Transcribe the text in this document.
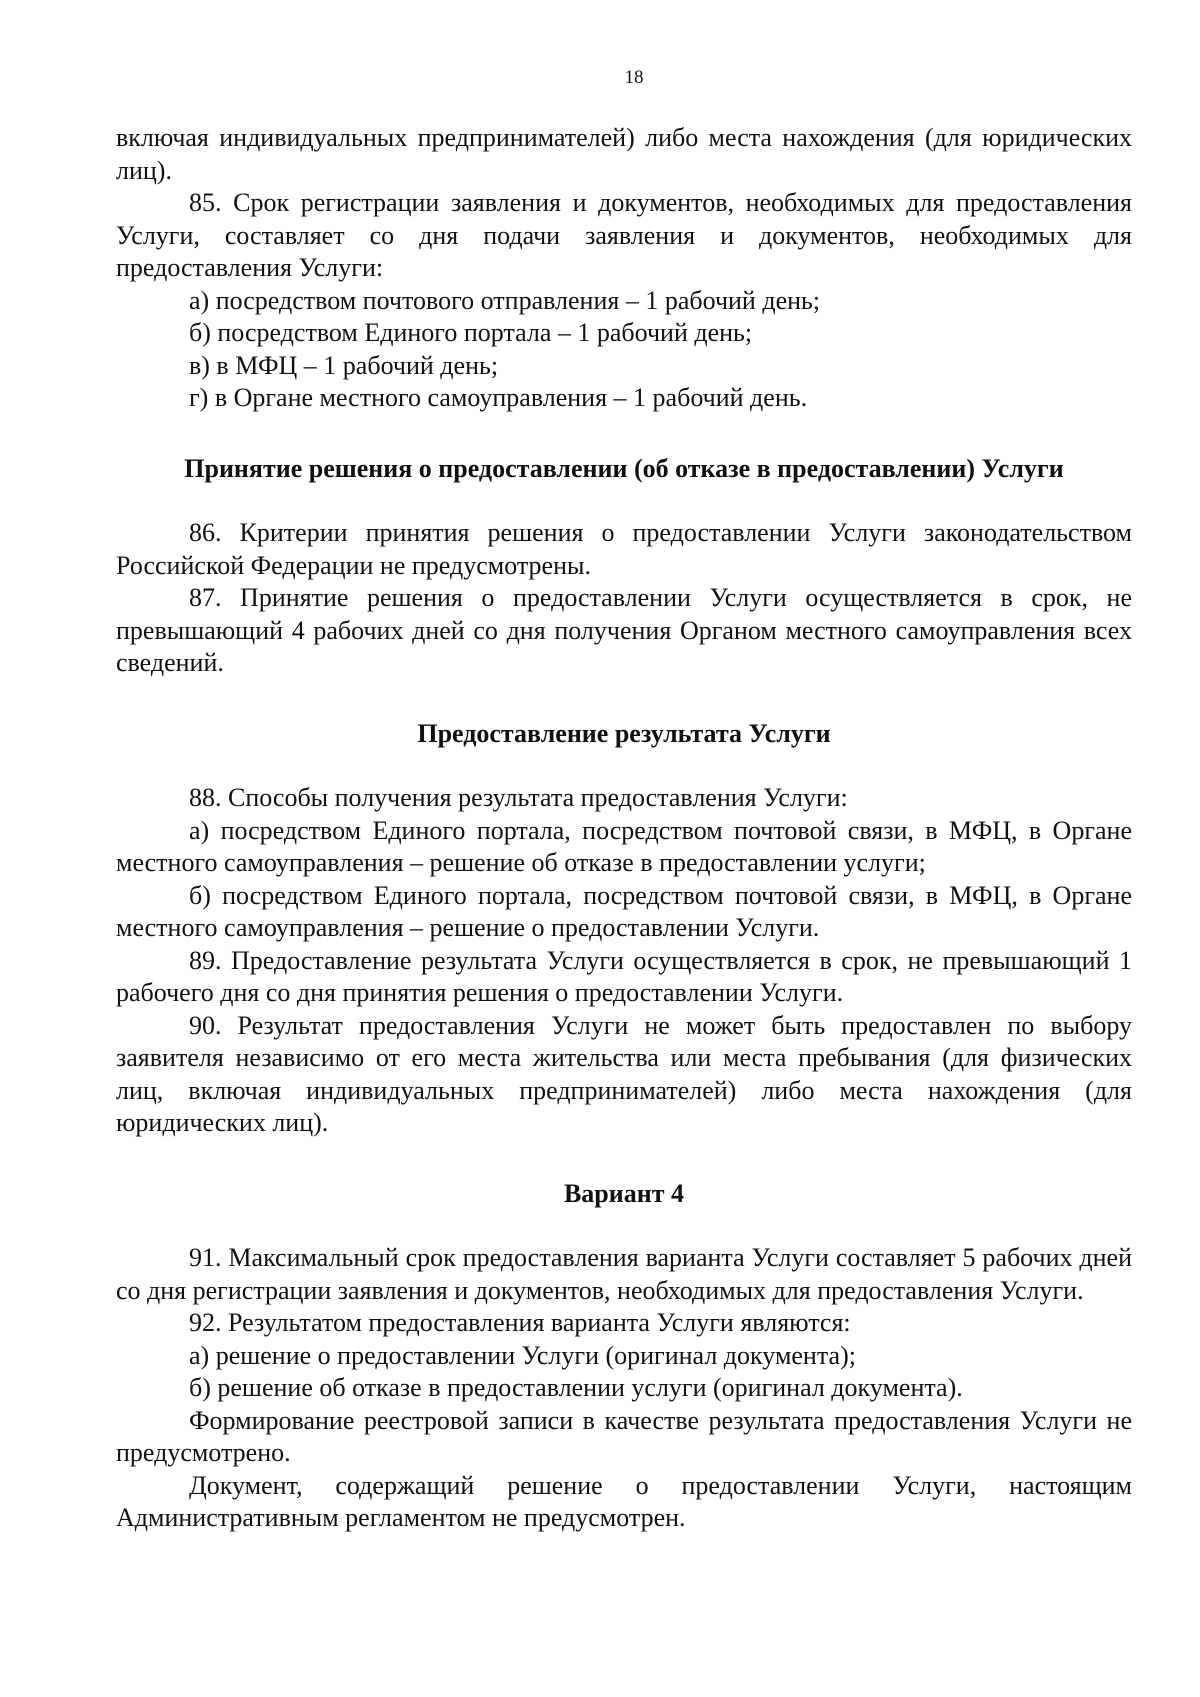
18

включая индивидуальных предпринимателей) либо места нахождения (для юридических лиц).

85. Срок регистрации заявления и документов, необходимых для предоставления Услуги, составляет со дня подачи заявления и документов, необходимых для предоставления Услуги:

а) посредством почтового отправления – 1 рабочий день;

б) посредством Единого портала – 1 рабочий день;

в) в МФЦ – 1 рабочий день;

г) в Органе местного самоуправления – 1 рабочий день.

Принятие решения о предоставлении (об отказе в предоставлении) Услуги

86. Критерии принятия решения о предоставлении Услуги законодательством Российской Федерации не предусмотрены.

87. Принятие решения о предоставлении Услуги осуществляется в срок, не превышающий 4 рабочих дней со дня получения Органом местного самоуправления всех сведений.

Предоставление результата Услуги

88. Способы получения результата предоставления Услуги:

а) посредством Единого портала, посредством почтовой связи, в МФЦ, в Органе местного самоуправления – решение об отказе в предоставлении услуги;

б) посредством Единого портала, посредством почтовой связи, в МФЦ, в Органе местного самоуправления – решение о предоставлении Услуги.

89. Предоставление результата Услуги осуществляется в срок, не превышающий 1 рабочего дня со дня принятия решения о предоставлении Услуги.

90. Результат предоставления Услуги не может быть предоставлен по выбору заявителя независимо от его места жительства или места пребывания (для физических лиц, включая индивидуальных предпринимателей) либо места нахождения (для юридических лиц).

Вариант 4

91. Максимальный срок предоставления варианта Услуги составляет 5 рабочих дней со дня регистрации заявления и документов, необходимых для предоставления Услуги.

92. Результатом предоставления варианта Услуги являются:

а) решение о предоставлении Услуги (оригинал документа);

б) решение об отказе в предоставлении услуги (оригинал документа).

Формирование реестровой записи в качестве результата предоставления Услуги не предусмотрено.

Документ, содержащий решение о предоставлении Услуги, настоящим Административным регламентом не предусмотрен.
